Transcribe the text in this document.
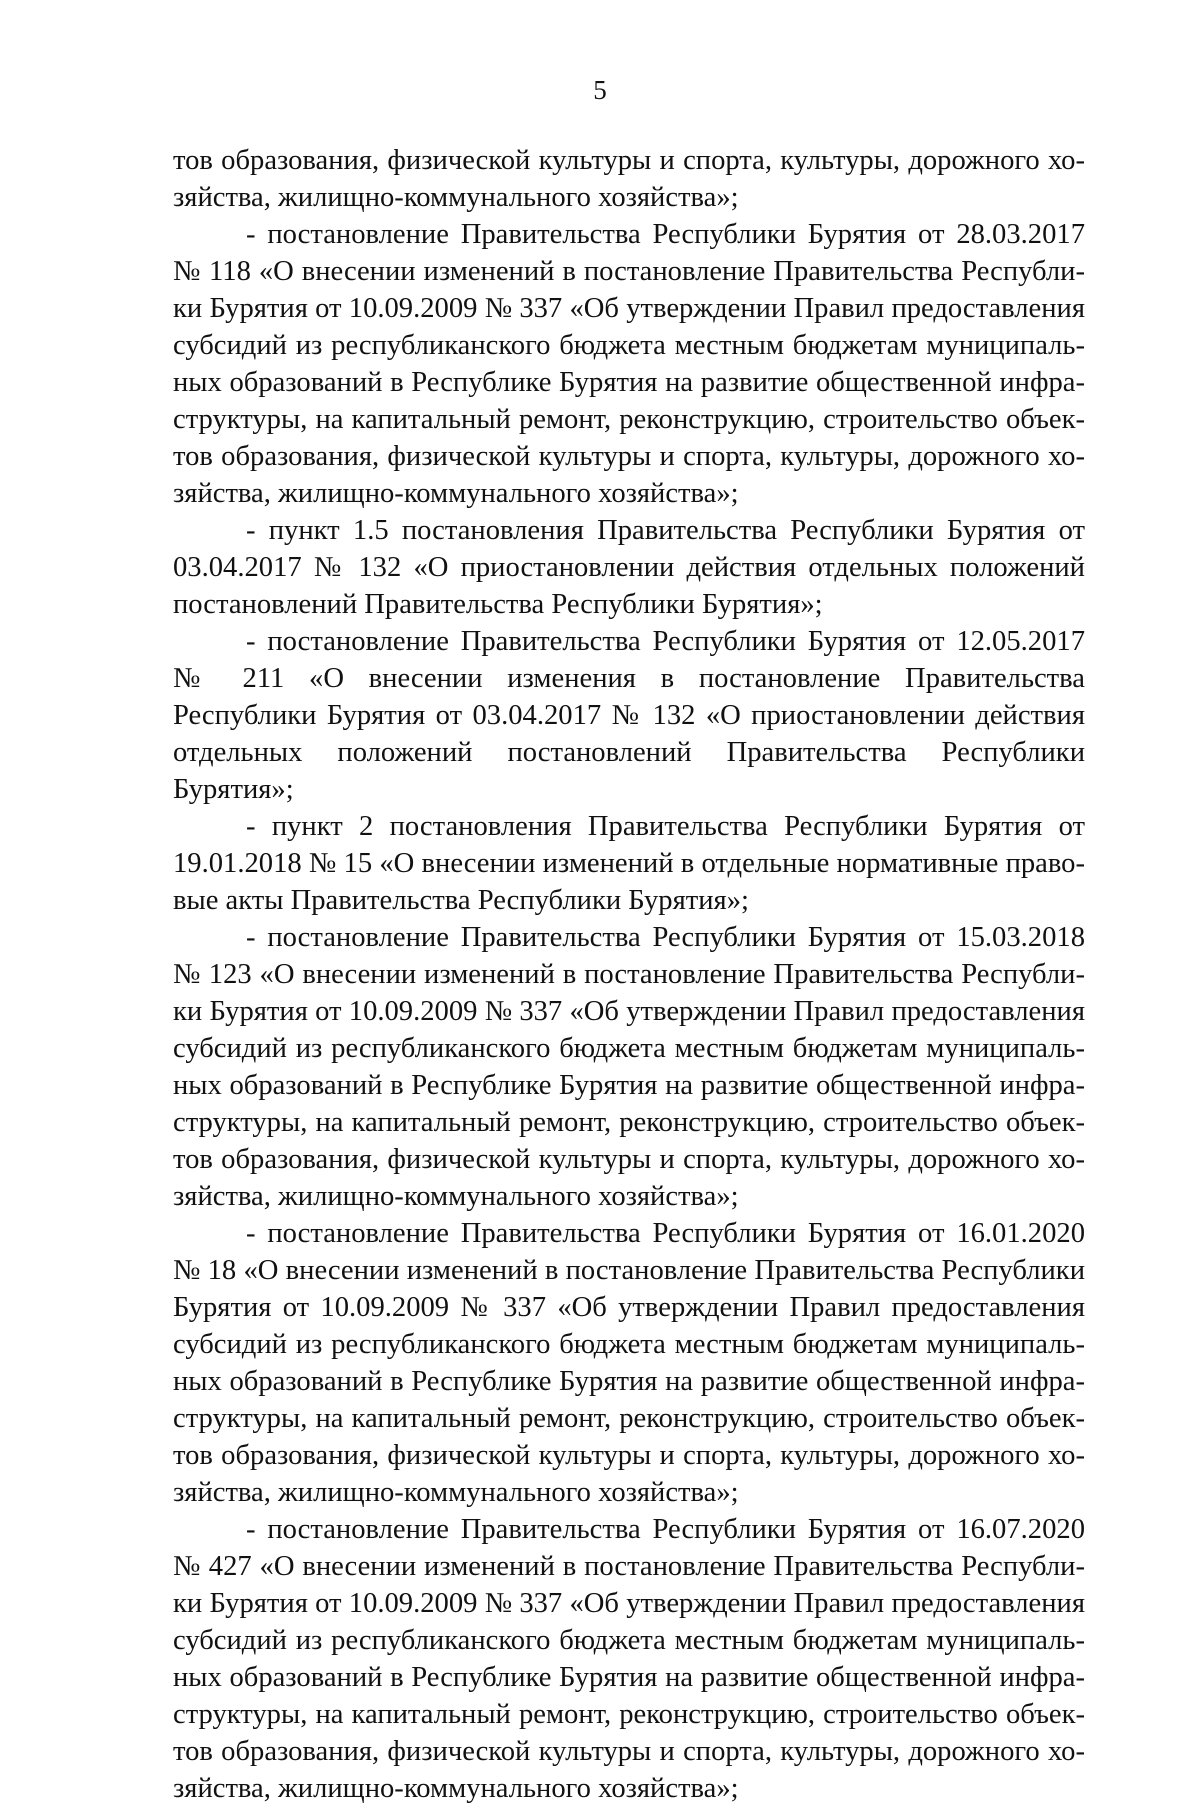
5

тов образования, физической культуры и спорта, культуры, дорожного хозяйства, жилищно-коммунального хозяйства»;

- постановление Правительства Республики Бурятия от 28.03.2017 № 118 «О внесении изменений в постановление Правительства Республики Бурятия от 10.09.2009 № 337 «Об утверждении Правил предоставления субсидий из республиканского бюджета местным бюджетам муниципальных образований в Республике Бурятия на развитие общественной инфраструктуры, на капитальный ремонт, реконструкцию, строительство объектов образования, физической культуры и спорта, культуры, дорожного хозяйства, жилищно-коммунального хозяйства»;

- пункт 1.5 постановления Правительства Республики Бурятия от 03.04.2017 № 132 «О приостановлении действия отдельных положений постановлений Правительства Республики Бурятия»;

- постановление Правительства Республики Бурятия от 12.05.2017 № 211 «О внесении изменения в постановление Правительства Республики Бурятия от 03.04.2017 № 132 «О приостановлении действия отдельных положений постановлений Правительства Республики Бурятия»;

- пункт 2 постановления Правительства Республики Бурятия от 19.01.2018 № 15 «О внесении изменений в отдельные нормативные правовые акты Правительства Республики Бурятия»;

- постановление Правительства Республики Бурятия от 15.03.2018 № 123 «О внесении изменений в постановление Правительства Республики Бурятия от 10.09.2009 № 337 «Об утверждении Правил предоставления субсидий из республиканского бюджета местным бюджетам муниципальных образований в Республике Бурятия на развитие общественной инфраструктуры, на капитальный ремонт, реконструкцию, строительство объектов образования, физической культуры и спорта, культуры, дорожного хозяйства, жилищно-коммунального хозяйства»;

- постановление Правительства Республики Бурятия от 16.01.2020 № 18 «О внесении изменений в постановление Правительства Республики Бурятия от 10.09.2009 № 337 «Об утверждении Правил предоставления субсидий из республиканского бюджета местным бюджетам муниципальных образований в Республике Бурятия на развитие общественной инфраструктуры, на капитальный ремонт, реконструкцию, строительство объектов образования, физической культуры и спорта, культуры, дорожного хозяйства, жилищно-коммунального хозяйства»;

- постановление Правительства Республики Бурятия от 16.07.2020 № 427 «О внесении изменений в постановление Правительства Республики Бурятия от 10.09.2009 № 337 «Об утверждении Правил предоставления субсидий из республиканского бюджета местным бюджетам муниципальных образований в Республике Бурятия на развитие общественной инфраструктуры, на капитальный ремонт, реконструкцию, строительство объектов образования, физической культуры и спорта, культуры, дорожного хозяйства, жилищно-коммунального хозяйства»;
